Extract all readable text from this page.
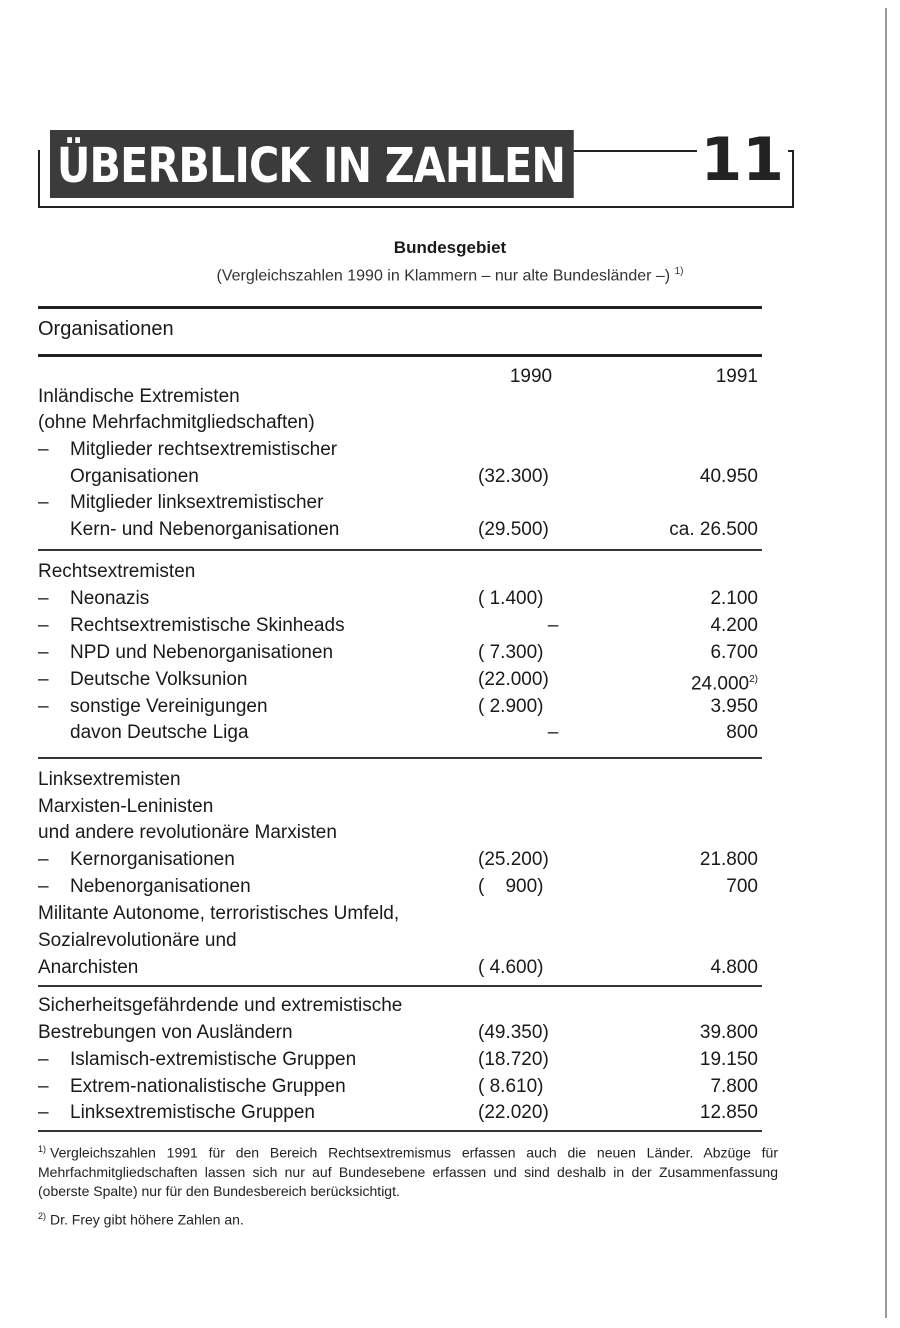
ÜBERBLICK IN ZAHLEN 11
Bundesgebiet
(Vergleichszahlen 1990 in Klammern – nur alte Bundesländer –) $^{1)}$
Organisationen
1990	1991
Inländische Extremisten
(ohne Mehrfachmitgliedschaften)
– Mitglieder rechtsextremistischer
Organisationen	(32.300)	40.950
– Mitglieder linksextremistischer
Kern- und Nebenorganisationen	(29.500)	ca. 26.500
Rechtsextremisten
– Neonazis	( 1.400)	2.100
– Rechtsextremistische Skinheads	–	4.200
– NPD und Nebenorganisationen	( 7.300)	6.700
– Deutsche Volksunion	(22.000)	24.000$^{2)}$
– sonstige Vereinigungen	( 2.900)	3.950
davon Deutsche Liga	–	800
Linksextremisten
Marxisten-Leninisten
und andere revolutionäre Marxisten
– Kernorganisationen	(25.200)	21.800
– Nebenorganisationen	(    900)	700
Militante Autonome, terroristisches Umfeld,
Sozialrevolutionäre und
Anarchisten	( 4.600)	4.800
Sicherheitsgefährdende und extremistische
Bestrebungen von Ausländern	(49.350)	39.800
– Islamisch-extremistische Gruppen	(18.720)	19.150
– Extrem-nationalistische Gruppen	( 8.610)	7.800
– Linksextremistische Gruppen	(22.020)	12.850
$^{1)}$ Vergleichszahlen 1991 für den Bereich Rechtsextremismus erfassen auch die neuen Länder. Abzüge für Mehrfachmitgliedschaften lassen sich nur auf Bundesebene erfassen und sind deshalb in der Zusammenfassung (oberste Spalte) nur für den Bundesbereich berücksichtigt.
$^{2)}$ Dr. Frey gibt höhere Zahlen an.
